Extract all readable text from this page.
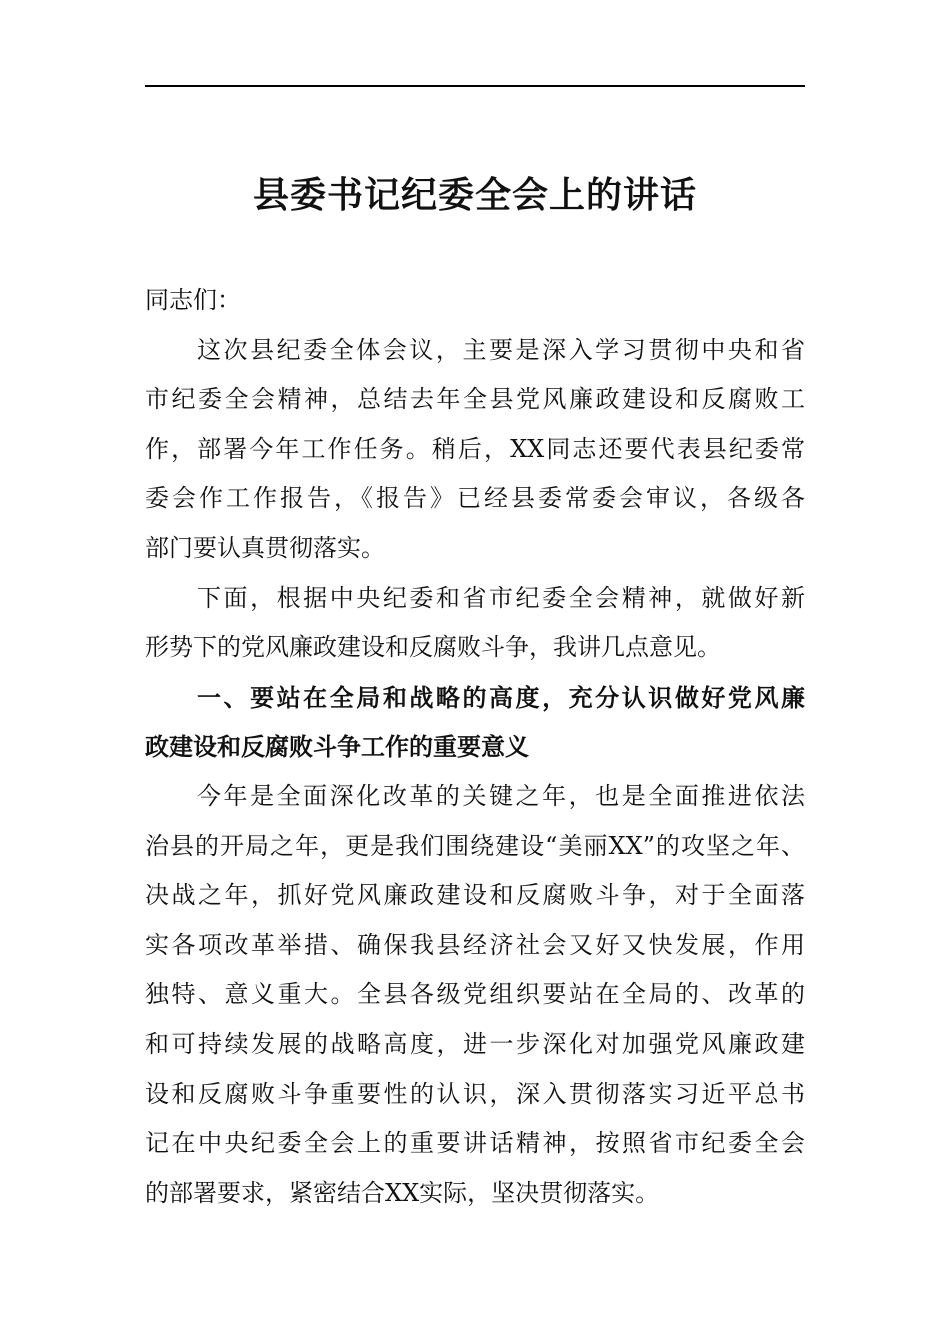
县委书记纪委全会上的讲话
同志们：
这次县纪委全体会议，主要是深入学习贯彻中央和省
市纪委全会精神，总结去年全县党风廉政建设和反腐败工
作，部署今年工作任务。稍后，XX同志还要代表县纪委常
委会作工作报告，《报告》已经县委常委会审议，各级各
部门要认真贯彻落实。
下面，根据中央纪委和省市纪委全会精神，就做好新
形势下的党风廉政建设和反腐败斗争，我讲几点意见。
一、要站在全局和战略的高度，充分认识做好党风廉
政建设和反腐败斗争工作的重要意义
今年是全面深化改革的关键之年，也是全面推进依法
治县的开局之年，更是我们围绕建设“美丽XX”的攻坚之年、
决战之年，抓好党风廉政建设和反腐败斗争，对于全面落
实各项改革举措、确保我县经济社会又好又快发展，作用
独特、意义重大。全县各级党组织要站在全局的、改革的
和可持续发展的战略高度，进一步深化对加强党风廉政建
设和反腐败斗争重要性的认识，深入贯彻落实习近平总书
记在中央纪委全会上的重要讲话精神，按照省市纪委全会
的部署要求，紧密结合XX实际，坚决贯彻落实。
